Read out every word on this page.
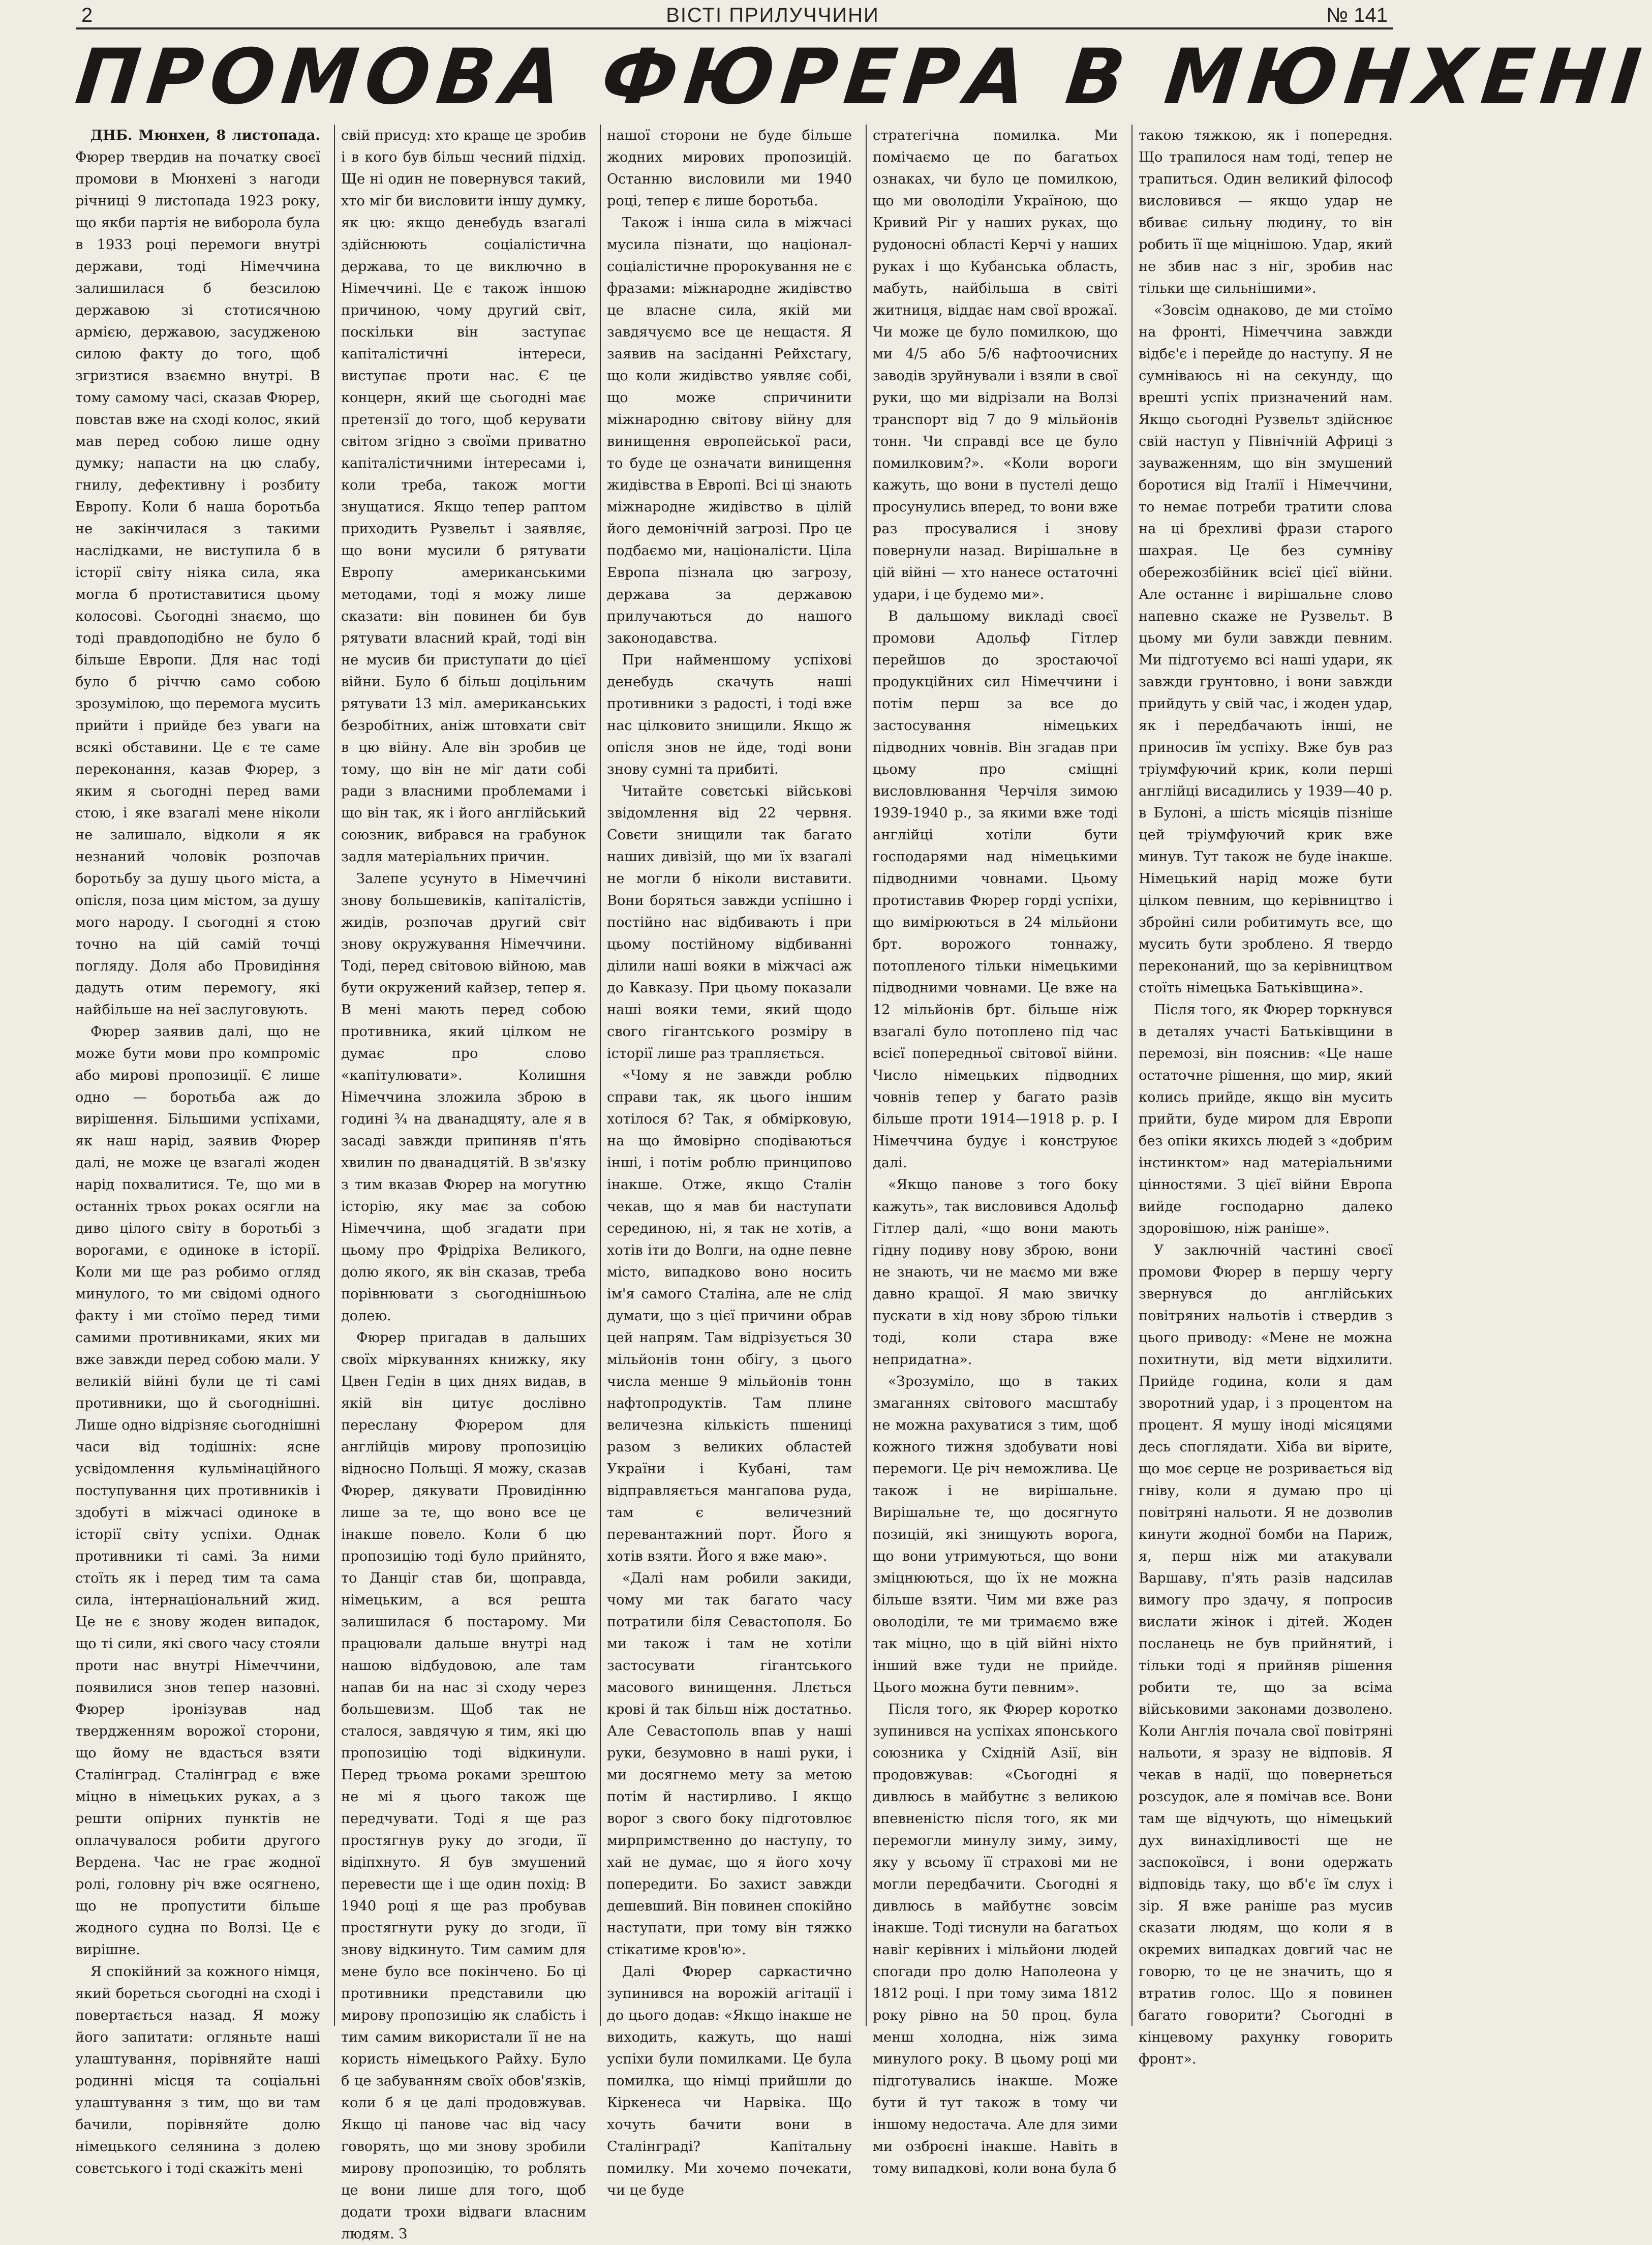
2	ВІСТІ ПРИЛУЧЧИНИ	№ 141
ПРОМОВА ФЮРЕРА В МЮНХЕНІ

ДНБ. Мюнхен, 8 листопада. Фюрер твердив на початку своєї промови в Мюнхені з нагоди річниці 9 листопада 1923 року, що якби партія не виборола була в 1933 році перемоги внутрі держави, тоді Німеччина залишилася б безсилою державою зі стотисячною армією, державою, засудженою силою факту до того, щоб згризтися взаємно внутрі. В тому самому часі, сказав Фюрер, повстав вже на сході колос, який мав перед собою лише одну думку; напасти на цю слабу, гнилу, дефективну і розбиту Европу. Коли б наша боротьба не закінчилася з такими наслідками, не виступила б в історії світу ніяка сила, яка могла б протиставитися цьому колосові. Сьогодні знаємо, що тоді правдоподібно не було б більше Европи. Для нас тоді було б річчю само собою зрозумілою, що перемога мусить прийти і прийде без уваги на всякі обставини. Це є те саме переконання, казав Фюрер, з яким я сьогодні перед вами стою, і яке взагалі мене ніколи не залишало, відколи я як незнаний чоловік розпочав боротьбу за душу цього міста, а опісля, поза цим містом, за душу мого народу. І сьогодні я стою точно на цій самій точці погляду. Доля або Провидіння дадуть отим перемогу, які найбільше на неї заслуговують.

Фюрер заявив далі, що не може бути мови про компроміс або мирові пропозиції. Є лише одно — боротьба аж до вирішення. Більшими успіхами, як наш нарід, заявив Фюрер далі, не може це взагалі жоден нарід похвалитися. Те, що ми в останніх трьох роках осягли на диво цілого світу в боротьбі з ворогами, є одиноке в історії. Коли ми ще раз робимо огляд минулого, то ми свідомі одного факту і ми стоїмо перед тими самими противниками, яких ми вже завжди перед собою мали. У великій війні були це ті самі противники, що й сьогоднішні. Лише одно відрізняє сьогоднішні часи від тодішніх: ясне усвідомлення кульмінаційного поступування цих противників і здобуті в міжчасі одиноке в історії світу успіхи. Однак противники ті самі. За ними стоїть як і перед тим та сама сила, інтернаціональний жид. Це не є знову жоден випадок, що ті сили, які свого часу стояли проти нас внутрі Німеччини, появилися знов тепер назовні. Фюрер іронізував над твердженням ворожої сторони, що йому не вдасться взяти Сталінград. Сталінград є вже міцно в німецьких руках, а з решти опірних пунктів не оплачувалося робити другого Вердена. Час не грає жодної ролі, головну річ вже осягнено, що не пропустити більше жодного судна по Волзі. Це є вирішне.

Я спокійний за кожного німця, який бореться сьогодні на сході і повертається назад. Я можу його запитати: огляньте наші улаштування, порівняйте наші родинні місця та соціальні улаштування з тим, що ви там бачили, порівняйте долю німецького селянина з долею совєтського і тоді скажіть мені

свій присуд: хто краще це зробив і в кого був більш чесний підхід. Ще ні один не повернувся такий, хто міг би висловити іншу думку, як цю: якщо денебудь взагалі здійснюють соціалістична держава, то це виключно в Німеччині. Це є також іншою причиною, чому другий світ, поскільки він заступає капіталістичні інтереси, виступає проти нас. Є це концерн, який ще сьогодні має претензії до того, щоб керувати світом згідно з своїми приватно капіталістичними інтересами і, коли треба, також могти знущатися. Якщо тепер раптом приходить Рузвельт і заявляє, що вони мусили б рятувати Европу американськими методами, тоді я можу лише сказати: він повинен би був рятувати власний край, тоді він не мусив би приступати до цієї війни. Було б більш доцільним рятувати 13 міл. американських безробітних, аніж штовхати світ в цю війну. Але він зробив це тому, що він не міг дати собі ради з власними проблемами і що він так, як і його англійський союзник, вибрався на грабунок задля матеріальних причин.

Залепе усунуто в Німеччині знову большевиків, капіталістів, жидів, розпочав другий світ знову окружування Німеччини. Тоді, перед світовою війною, мав бути окружений кайзер, тепер я. В мені мають перед собою противника, який цілком не думає про слово «капітулювати». Колишня Німеччина зложила зброю в годині ¾ на дванадцяту, але я в засаді завжди припиняв п'ять хвилин по дванадцятій. В зв'язку з тим вказав Фюрер на могутню історію, яку має за собою Німеччина, щоб згадати при цьому про Фрідріха Великого, долю якого, як він сказав, треба порівнювати з сьогоднішньою долею.

Фюрер пригадав в дальших своїх міркуваннях книжку, яку Цвен Гедін в цих днях видав, в якій він цитує дослівно переслану Фюрером для англійців мирову пропозицію відносно Польщі. Я можу, сказав Фюрер, дякувати Провидінню лише за те, що воно все це інакше повело. Коли б цю пропозицію тоді було прийнято, то Данціг став би, щоправда, німецьким, а вся решта залишилася б постарому. Ми працювали дальше внутрі над нашою відбудовою, але там напав би на нас зі сходу через большевизм. Щоб так не сталося, завдячую я тим, які цю пропозицію тоді відкинули. Перед трьома роками зрештою не мі я цього також ще передчувати. Тоді я ще раз простягнув руку до згоди, її відіпхнуто. Я був змушений перевести ще і ще один похід: В 1940 році я ще раз пробував простягнути руку до згоди, її знову відкинуто. Тим самим для мене було все покінчено. Бо ці противники представили цю мирову пропозицію як слабість і тим самим використали її не на користь німецького Райху. Було б це забуванням своїх обов'язків, коли б я це далі продовжував. Якщо ці панове час від часу говорять, що ми знову зробили мирову пропозицію, то роблять це вони лише для того, щоб додати трохи відваги власним людям. З

нашої сторони не буде більше жодних мирових пропозицій. Останню висловили ми 1940 році, тепер є лише боротьба.

Також і інша сила в міжчасі мусила пізнати, що націонал-соціалістичне пророкування не є фразами: міжнародне жидівство це власне сила, якій ми завдячуємо все це нещастя. Я заявив на засіданні Рейхстагу, що коли жидівство уявляє собі, що може спричинити міжнародню світову війну для винищення европейської раси, то буде це означати винищення жидівства в Европі. Всі ці знають міжнародне жидівство в цілій його демонічній загрозі. Про це подбаємо ми, націоналісти. Ціла Европа пізнала цю загрозу, держава за державою прилучаються до нашого законодавства.

При найменшому успіхові денебудь скачуть наші противники з радості, і тоді вже нас цілковито знищили. Якщо ж опісля знов не йде, тоді вони знову сумні та прибиті.

Читайте совєтські військові звідомлення від 22 червня. Совєти знищили так багато наших дивізій, що ми їх взагалі не могли б ніколи виставити. Вони боряться завжди успішно і постійно нас відбивають і при цьому постійному відбиванні ділили наші вояки в міжчасі аж до Кавказу. При цьому показали наші вояки теми, який щодо свого гігантського розміру в історії лише раз трапляється.

«Чому я не завжди роблю справи так, як цього іншим хотілося б? Так, я обмірковую, на що ймовірно сподіваються інші, і потім роблю принципово інакше. Отже, якщо Сталін чекав, що я мав би наступати серединою, ні, я так не хотів, а хотів іти до Волги, на одне певне місто, випадково воно носить ім'я самого Сталіна, але не слід думати, що з цієї причини обрав цей напрям. Там відрізується 30 мільйонів тонн обігу, з цього числа менше 9 мільйонів тонн нафтопродуктів. Там плине величезна кількість пшениці разом з великих областей України і Кубані, там відправляється мангапова руда, там є величезний перевантажний порт. Його я хотів взяти. Його я вже маю».

«Далі нам робили закиди, чому ми так багато часу потратили біля Севастополя. Бо ми також і там не хотіли застосувати гігантського масового винищення. Ллється крові й так більш ніж достатньо. Але Севастополь впав у наші руки, безумовно в наші руки, і ми досягнемо мету за метою потім й настирливо. І якщо ворог з свого боку підготовлює мирпримственно до наступу, то хай не думає, що я його хочу попередити. Бо захист завжди дешевший. Він повинен спокійно наступати, при тому він тяжко стікатиме кров'ю».

Далі Фюрер саркастично зупинився на ворожій агітації і до цього додав: «Якщо інакше не виходить, кажуть, що наші успіхи були помилками. Це була помилка, що німці прийшли до Кіркенеса чи Нарвіка. Що хочуть бачити вони в Сталінграді? Капітальну помилку. Ми хочемо почекати, чи це буде

стратегічна помилка. Ми помічаємо це по багатьох ознаках, чи було це помилкою, що ми оволоділи Україною, що Кривий Ріг у наших руках, що рудоносні області Керчі у наших руках і що Кубанська область, мабуть, найбільша в світі житниця, віддає нам свої врожаї. Чи може це було помилкою, що ми 4/5 або 5/6 нафтоочисних заводів зруйнували і взяли в свої руки, що ми відрізали на Волзі транспорт від 7 до 9 мільйонів тонн. Чи справді все це було помилковим?». «Коли вороги кажуть, що вони в пустелі дещо просунулись вперед, то вони вже раз просувалися і знову повернули назад. Вирішальне в цій війні — хто нанесе остаточні удари, і це будемо ми».

В дальшому викладі своєї промови Адольф Гітлер перейшов до зростаючої продукційних сил Німеччини і потім перш за все до застосування німецьких підводних човнів. Він згадав при цьому про сміщні висловлювання Черчіля зимою 1939-1940 р., за якими вже тоді англійці хотіли бути господарями над німецькими підводними човнами. Цьому протиставив Фюрер горді успіхи, що вимірюються в 24 мільйони брт. ворожого тоннажу, потопленого тільки німецькими підводними човнами. Це вже на 12 мільйонів брт. більше ніж взагалі було потоплено під час всієї попередньої світової війни. Число німецьких підводних човнів тепер у багато разів більше проти 1914—1918 р. р. І Німеччина будує і конструює далі.

«Якщо панове з того боку кажуть», так висловився Адольф Гітлер далі, «що вони мають гідну подиву нову зброю, вони не знають, чи не маємо ми вже давно кращої. Я маю звичку пускати в хід нову зброю тільки тоді, коли стара вже непридатна».

«Зрозуміло, що в таких змаганнях світового масштабу не можна рахуватися з тим, щоб кожного тижня здобувати нові перемоги. Це річ неможлива. Це також і не вирішальне. Вирішальне те, що досягнуто позицій, які знищують ворога, що вони утримуються, що вони зміцнюються, що їх не можна більше взяти. Чим ми вже раз оволоділи, те ми тримаємо вже так міцно, що в цій війні ніхто інший вже туди не прийде. Цього можна бути певним».

Після того, як Фюрер коротко зупинився на успіхах японського союзника у Східній Азії, він продовжував: «Сьогодні я дивлюсь в майбутнє з великою впевненістю після того, як ми перемогли минулу зиму, зиму, яку у всьому її страхові ми не могли передбачити. Сьогодні я дивлюсь в майбутнє зовсім інакше. Тоді тиснули на багатьох навіг керівних і мільйони людей спогади про долю Наполеона у 1812 році. І при тому зима 1812 року рівно на 50 проц. була менш холодна, ніж зима минулого року. В цьому році ми підготувались інакше. Може бути й тут також в тому чи іншому недостача. Але для зими ми озброєні інакше. Навіть в тому випадкові, коли вона була б

такою тяжкою, як і попередня. Що трапилося нам тоді, тепер не трапиться. Один великий філософ висловився — якщо удар не вбиває сильну людину, то він робить її ще міцнішою. Удар, який не збив нас з ніг, зробив нас тільки ще сильнішими».

«Зовсім однаково, де ми стоїмо на фронті, Німеччина завжди відбє'є і перейде до наступу. Я не сумніваюсь ні на секунду, що врешті успіх призначений нам. Якщо сьогодні Рузвельт здійснює свій наступ у Північній Африці з зауваженням, що він змушений боротися від Італії і Німеччини, то немає потреби тратити слова на ці брехливі фрази старого шахрая. Це без сумніву обережозбійник всієї цієї війни. Але останнє і вирішальне слово напевно скаже не Рузвельт. В цьому ми були завжди певним. Ми підготуємо всі наші удари, як завжди грунтовно, і вони завжди прийдуть у свій час, і жоден удар, як і передбачають інші, не приносив їм успіху. Вже був раз тріумфуючий крик, коли перші англійці висадились у 1939—40 р. в Булоні, а шість місяців пізніше цей тріумфуючий крик вже минув. Тут також не буде інакше. Німецький нарід може бути цілком певним, що керівництво і збройні сили робитимуть все, що мусить бути зроблено. Я твердо переконаний, що за керівництвом стоїть німецька Батьківщина».

Після того, як Фюрер торкнувся в деталях участі Батьківщини в перемозі, він пояснив: «Це наше остаточне рішення, що мир, який колись прийде, якщо він мусить прийти, буде миром для Европи без опіки якихсь людей з «добрим інстинктом» над матеріальними цінностями. З цієї війни Европа вийде господарно далеко здоровішою, ніж раніше».

У заключній частині своєї промови Фюрер в першу чергу звернувся до англійських повітряних нальотів і ствердив з цього приводу: «Мене не можна похитнути, від мети відхилити. Прийде година, коли я дам зворотний удар, і з процентом на процент. Я мушу іноді місяцями десь споглядати. Хіба ви вірите, що моє серце не розривається від гніву, коли я думаю про ці повітряні нальоти. Я не дозволив кинути жодної бомби на Париж, я, перш ніж ми атакували Варшаву, п'ять разів надсилав вимогу про здачу, я попросив вислати жінок і дітей. Жоден посланець не був прийнятий, і тільки тоді я прийняв рішення робити те, що за всіма військовими законами дозволено. Коли Англія почала свої повітряні нальоти, я зразу не відповів. Я чекав в надії, що повернеться розсудок, але я помічав все. Вони там ще відчують, що німецький дух винахідливості ще не заспокоївся, і вони одержать відповідь таку, що вб'є їм слух і зір. Я вже раніше раз мусив сказати людям, що коли я в окремих випадках довгий час не говорю, то це не значить, що я втратив голос. Що я повинен багато говорити? Сьогодні в кінцевому рахунку говорить фронт».
